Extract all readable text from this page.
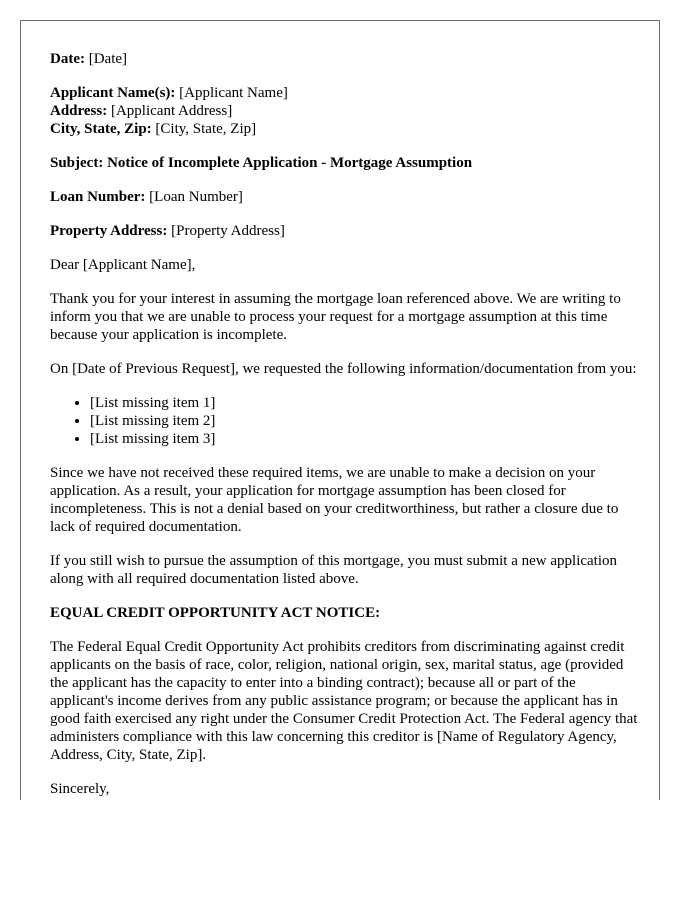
Date: [Date]

Applicant Name(s): [Applicant Name]

Address: [Applicant Address]

City, State, Zip: [City, State, Zip]

Subject: Notice of Incomplete Application - Mortgage Assumption

Loan Number: [Loan Number]

Property Address: [Property Address]

Dear [Applicant Name],

Thank you for your interest in assuming the mortgage loan referenced above. We are writing to inform you that we are unable to process your request for a mortgage assumption at this time because your application is incomplete.

On [Date of Previous Request], we requested the following information/documentation from you:

• [List missing item 1]
• [List missing item 2]
• [List missing item 3]

Since we have not received these required items, we are unable to make a decision on your application. As a result, your application for mortgage assumption has been closed for incompleteness. This is not a denial based on your creditworthiness, but rather a closure due to lack of required documentation.

If you still wish to pursue the assumption of this mortgage, you must submit a new application along with all required documentation listed above.

EQUAL CREDIT OPPORTUNITY ACT NOTICE:

The Federal Equal Credit Opportunity Act prohibits creditors from discriminating against credit applicants on the basis of race, color, religion, national origin, sex, marital status, age (provided the applicant has the capacity to enter into a binding contract); because all or part of the applicant's income derives from any public assistance program; or because the applicant has in good faith exercised any right under the Consumer Credit Protection Act. The Federal agency that administers compliance with this law concerning this creditor is [Name of Regulatory Agency, Address, City, State, Zip].

Sincerely,
